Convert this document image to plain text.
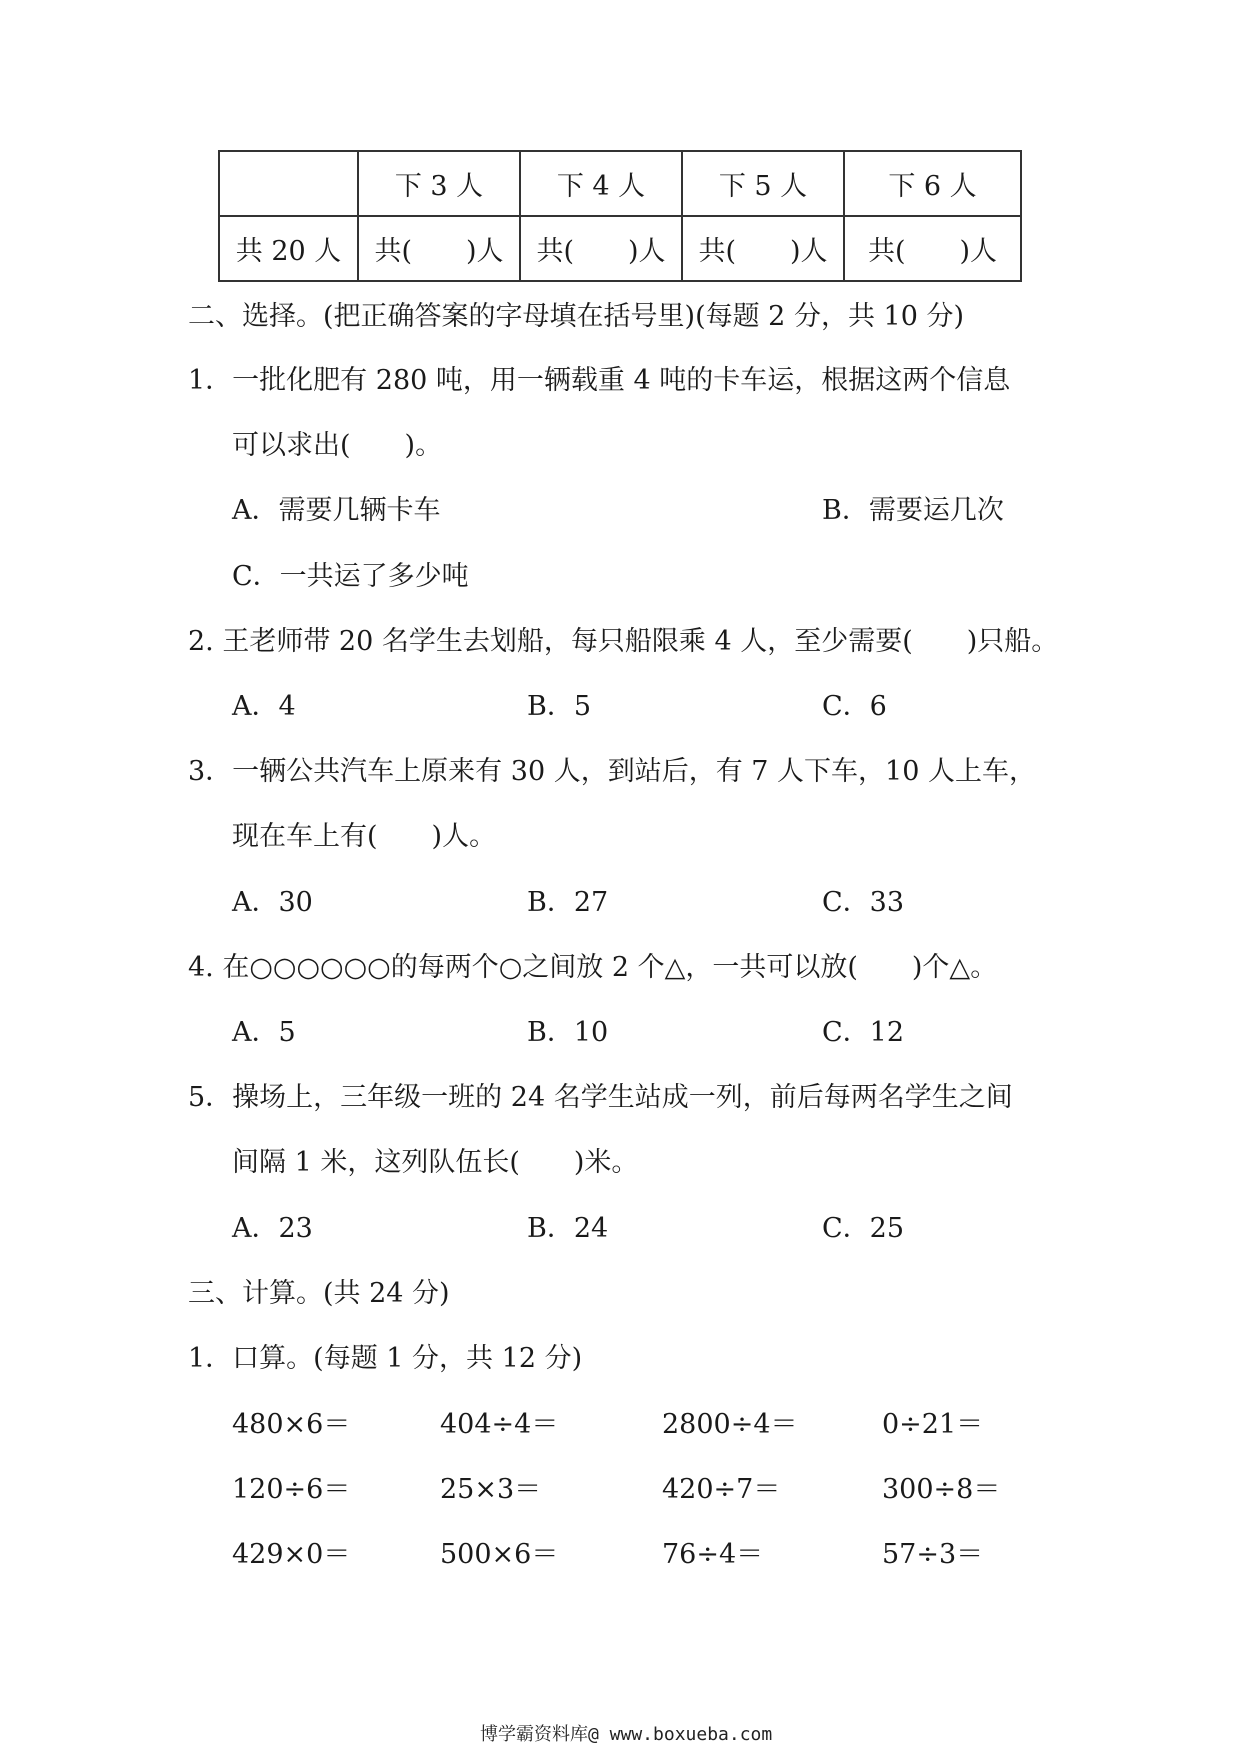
	下 3 人	下 4 人	下 5 人	下 6 人
共 20 人	共(　　)人	共(　　)人	共(　　)人	共(　　)人
二、选择。(把正确答案的字母填在括号里)(每题 2 分，共 10 分)
1．一批化肥有 280 吨，用一辆载重 4 吨的卡车运，根据这两个信息
可以求出(　　)。
A．需要几辆卡车	B．需要运几次
C．一共运了多少吨
2. 王老师带 20 名学生去划船，每只船限乘 4 人，至少需要(　　)只船。
A．4	B．5	C．6
3．一辆公共汽车上原来有 30 人，到站后，有 7 人下车，10 人上车，
现在车上有(　　)人。
A．30	B．27	C．33
4. 在○○○○○○的每两个○之间放 2 个△，一共可以放(　　)个△。
A．5	B．10	C．12
5．操场上，三年级一班的 24 名学生站成一列，前后每两名学生之间
间隔 1 米，这列队伍长(　　)米。
A．23	B．24	C．25
三、计算。(共 24 分)
1．口算。(每题 1 分，共 12 分)
480×6＝	404÷4＝	2800÷4＝	0÷21＝
120÷6＝	25×3＝	420÷7＝	300÷8＝
429×0＝	500×6＝	76÷4＝	57÷3＝
博学霸资料库@ www.boxueba.com
